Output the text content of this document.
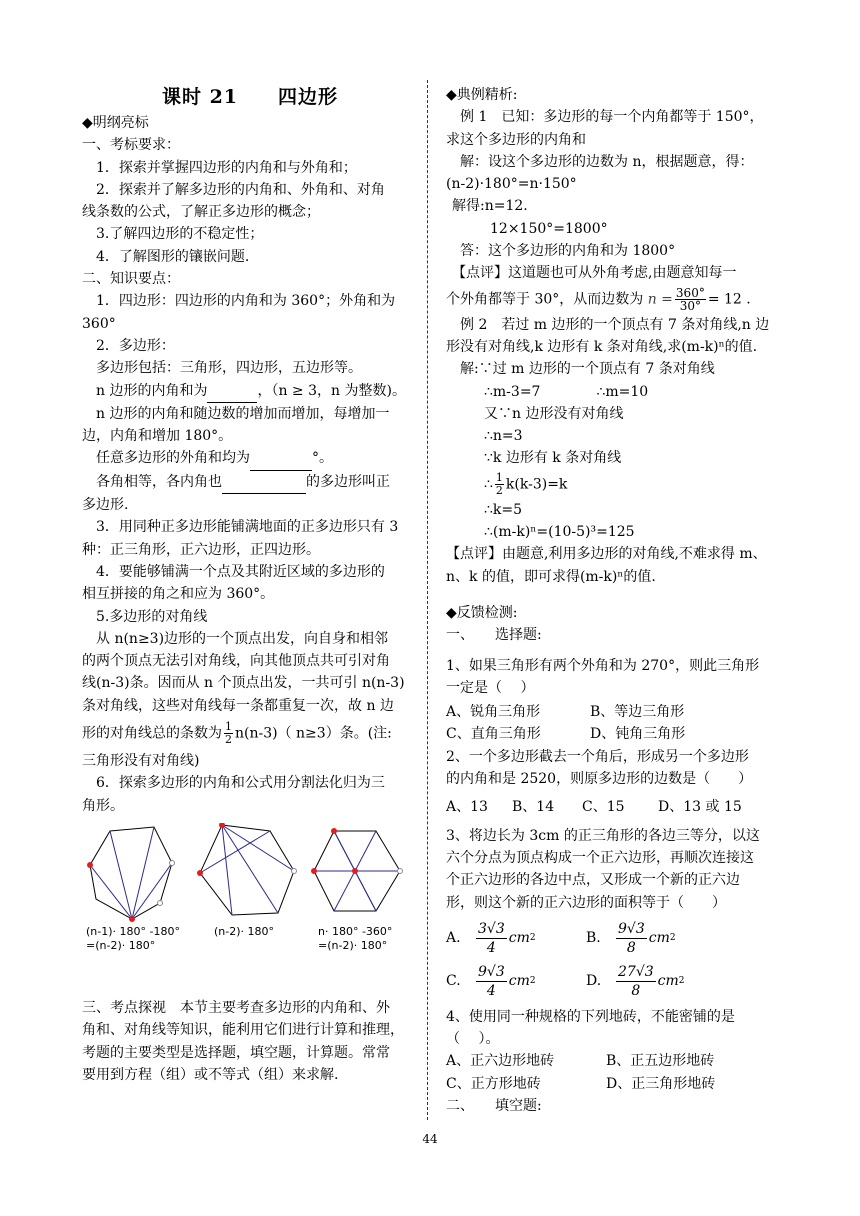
课时 21 四边形

◆明纲亮标

一、考标要求：

1．探索并掌握四边形的内角和与外角和；

2．探索并了解多边形的内角和、外角和、对角

线条数的公式，了解正多边形的概念；

3.了解四边形的不稳定性；

4．了解图形的镶嵌问题.

二、知识要点：

1．四边形：四边形的内角和为 360°；外角和为

360°

2．多边形：

多边形包括：三角形，四边形，五边形等。

n 边形的内角和为	，（n ≥ 3，n 为整数)。

n 边形的内角和随边数的增加而增加，每增加一

边，内角和增加 180°。

任意多边形的外角和均为	°。

各角相等，各内角也	的多边形叫正

多边形.

3．用同种正多边形能铺满地面的正多边形只有 3

种：正三角形，正六边形，正四边形。

4．要能够铺满一个点及其附近区域的多边形的

相互拼接的角之和应为 360°。

5.多边形的对角线

从 n(n≥3)边形的一个顶点出发，向自身和相邻

的两个顶点无法引对角线，向其他顶点共可引对角

线(n-3)条。因而从 n 个顶点出发，一共可引 n(n-3)

条对角线，这些对角线每一条都重复一次，故 n 边

形的对角线总的条数为 $\frac{1}{2} n(n-3)$（ n≥3）条。(注:

三角形没有对角线)

6．探索多边形的内角和公式用分割法化归为三

角形。

(n-1)· 180° -180°
=(n-2)· 180°
(n-2)· 180°	n· 180° -360°
=(n-2)· 180°

三、考点探视　本节主要考查多边形的内角和、外

角和、对角线等知识，能利用它们进行计算和推理，

考题的主要类型是选择题，填空题，计算题。常常

要用到方程（组）或不等式（组）来求解.

◆典例精析:

例 1　已知：多边形的每一个内角都等于 150°，

求这个多边形的内角和

解：设这个多边形的边数为 n，根据题意，得：

(n-2)·180°=n·150°

解得:n=12.

12×150°=1800°

答：这个多边形的内角和为 1800°

【点评】这道题也可从外角考虑,由题意知每一

个外角都等于 30°，从而边数为 $n = \frac{360^\circ}{30^\circ} = 12$ .

例 2　若过 m 边形的一个顶点有 7 条对角线,n 边

形没有对角线,k 边形有 k 条对角线,求(m-k)ⁿ的值.

解:∵过 m 边形的一个顶点有 7 条对角线

∴m-3=7	∴m=10

又∵n 边形没有对角线

∴n=3

∵k 边形有 k 条对角线

∴ $\frac{1}{2} k(k-3)=k$

∴k=5

∴(m-k)ⁿ=(10-5)³=125

【点评】由题意,利用多边形的对角线,不难求得 m、

n、k 的值，即可求得(m-k)ⁿ的值.

◆反馈检测:

一、　　选择题:

1、如果三角形有两个外角和为 270°，则此三角形

一定是（　 ）

A、锐角三角形	B、等边三角形
C、直角三角形	D、钝角三角形

2、一个多边形截去一个角后，形成另一个多边形

的内角和是 2520，则原多边形的边数是（　　）

A、13	B、14	C、15	D、13 或 15

3、将边长为 3cm 的正三角形的各边三等分，以这

六个分点为顶点构成一个正六边形，再顺次连接这

个正六边形的各边中点，又形成一个新的正六边

形，则这个新的正六边形的面积等于（　　）

A.	$\frac{3√3}{4}$ cm 2	B.	$\frac{9√3}{8}$ cm 2
C.	$\frac{9√3}{4}$ cm 2	D.	$\frac{27√3}{8}$ cm 2

4、使用同一种规格的下列地砖，不能密铺的是

（　 ）。

A、正六边形地砖	B、正五边形地砖
C、正方形地砖	D、正三角形地砖

二、　　填空题:

44
